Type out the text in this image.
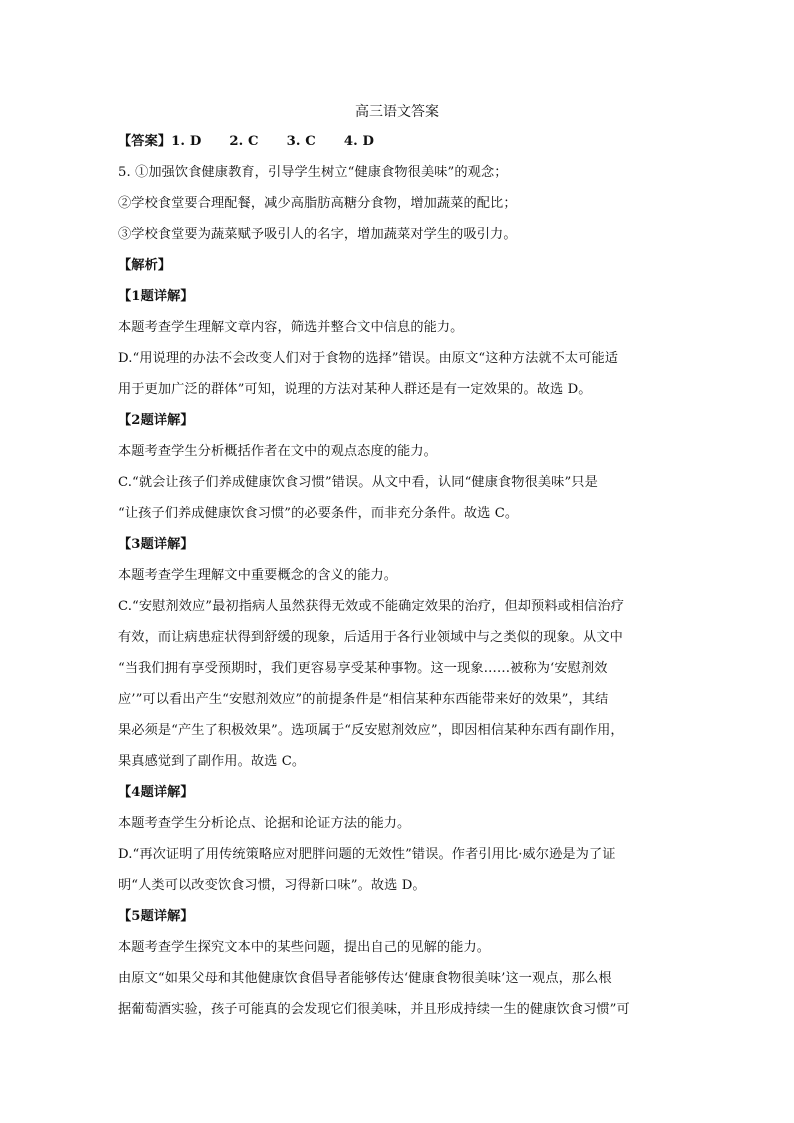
高三语文答案

【答案】1. D 2. C 3. C 4. D

5. ①加强饮食健康教育，引导学生树立“健康食物很美味”的观念；

②学校食堂要合理配餐，减少高脂肪高糖分食物，增加蔬菜的配比；

③学校食堂要为蔬菜赋予吸引人的名字，增加蔬菜对学生的吸引力。

【解析】

【1题详解】

本题考查学生理解文章内容，筛选并整合文中信息的能力。

D.“用说理的办法不会改变人们对于食物的选择”错误。由原文“这种方法就不太可能适

用于更加广泛的群体”可知，说理的方法对某种人群还是有一定效果的。故选 D。

【2题详解】

本题考查学生分析概括作者在文中的观点态度的能力。

C.“就会让孩子们养成健康饮食习惯”错误。从文中看，认同“健康食物很美味”只是

“让孩子们养成健康饮食习惯”的必要条件，而非充分条件。故选 C。

【3题详解】

本题考查学生理解文中重要概念的含义的能力。

C.“安慰剂效应”最初指病人虽然获得无效或不能确定效果的治疗，但却预料或相信治疗

有效，而让病患症状得到舒缓的现象，后适用于各行业领域中与之类似的现象。从文中

“当我们拥有享受预期时，我们更容易享受某种事物。这一现象……被称为‘安慰剂效

应’”可以看出产生“安慰剂效应”的前提条件是“相信某种东西能带来好的效果”，其结

果必须是“产生了积极效果”。选项属于“反安慰剂效应”，即因相信某种东西有副作用，

果真感觉到了副作用。故选 C。

【4题详解】

本题考查学生分析论点、论据和论证方法的能力。

D.“再次证明了用传统策略应对肥胖问题的无效性”错误。作者引用比·威尔逊是为了证

明“人类可以改变饮食习惯，习得新口味”。故选 D。

【5题详解】

本题考查学生探究文本中的某些问题，提出自己的见解的能力。

由原文“如果父母和其他健康饮食倡导者能够传达‘健康食物很美味’这一观点，那么根

据葡萄酒实验，孩子可能真的会发现它们很美味，并且形成持续一生的健康饮食习惯”可
